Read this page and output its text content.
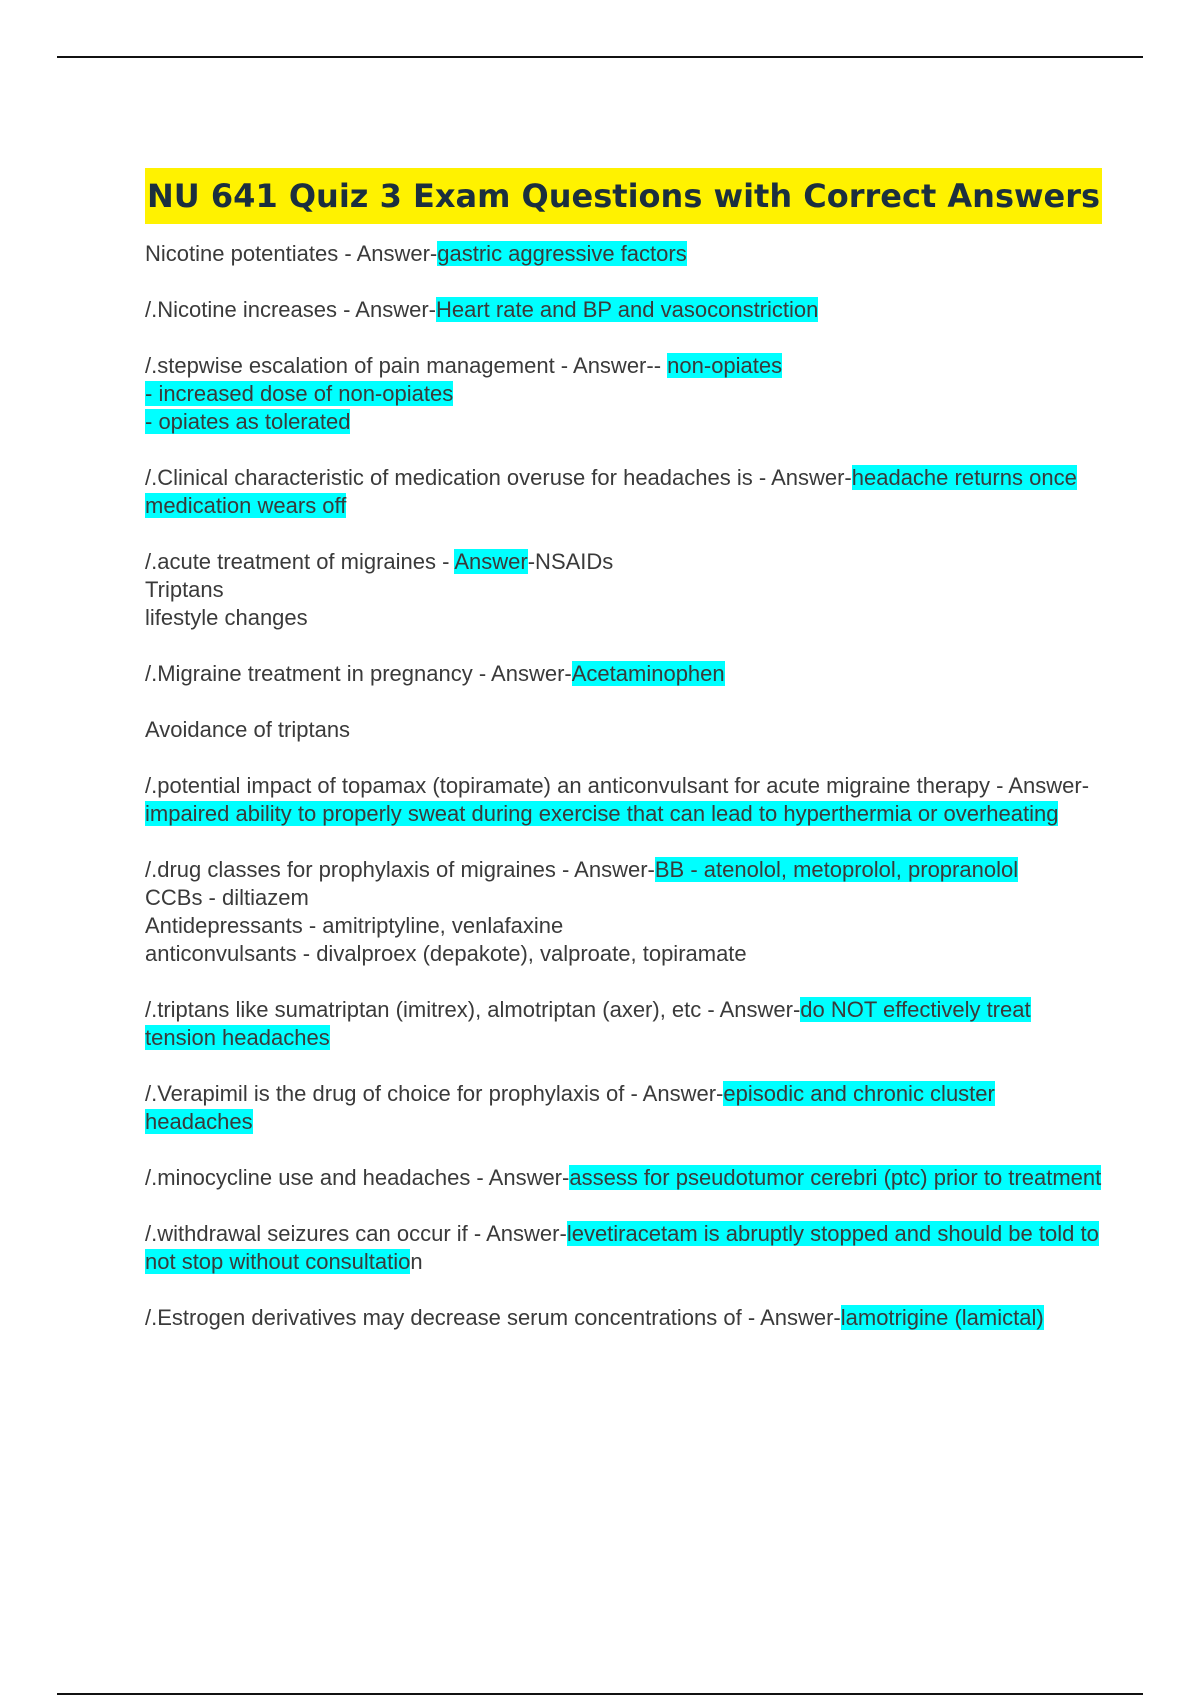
NU 641 Quiz 3 Exam Questions with Correct Answers
Nicotine potentiates - Answer-gastric aggressive factors
/.Nicotine increases - Answer-Heart rate and BP and vasoconstriction
/.stepwise escalation of pain management - Answer-- non-opiates
- increased dose of non-opiates
- opiates as tolerated
/.Clinical characteristic of medication overuse for headaches is - Answer-headache returns once medication wears off
/.acute treatment of migraines - Answer-NSAIDs
Triptans
lifestyle changes
/.Migraine treatment in pregnancy - Answer-Acetaminophen
Avoidance of triptans
/.potential impact of topamax (topiramate) an anticonvulsant for acute migraine therapy - Answer-impaired ability to properly sweat during exercise that can lead to hyperthermia or overheating
/.drug classes for prophylaxis of migraines - Answer-BB - atenolol, metoprolol, propranolol
CCBs - diltiazem
Antidepressants - amitriptyline, venlafaxine
anticonvulsants - divalproex (depakote), valproate, topiramate
/.triptans like sumatriptan (imitrex), almotriptan (axer), etc - Answer-do NOT effectively treat tension headaches
/.Verapimil is the drug of choice for prophylaxis of - Answer-episodic and chronic cluster headaches
/.minocycline use and headaches - Answer-assess for pseudotumor cerebri (ptc) prior to treatment
/.withdrawal seizures can occur if - Answer-levetiracetam is abruptly stopped and should be told to not stop without consultation
/.Estrogen derivatives may decrease serum concentrations of - Answer-lamotrigine (lamictal)
